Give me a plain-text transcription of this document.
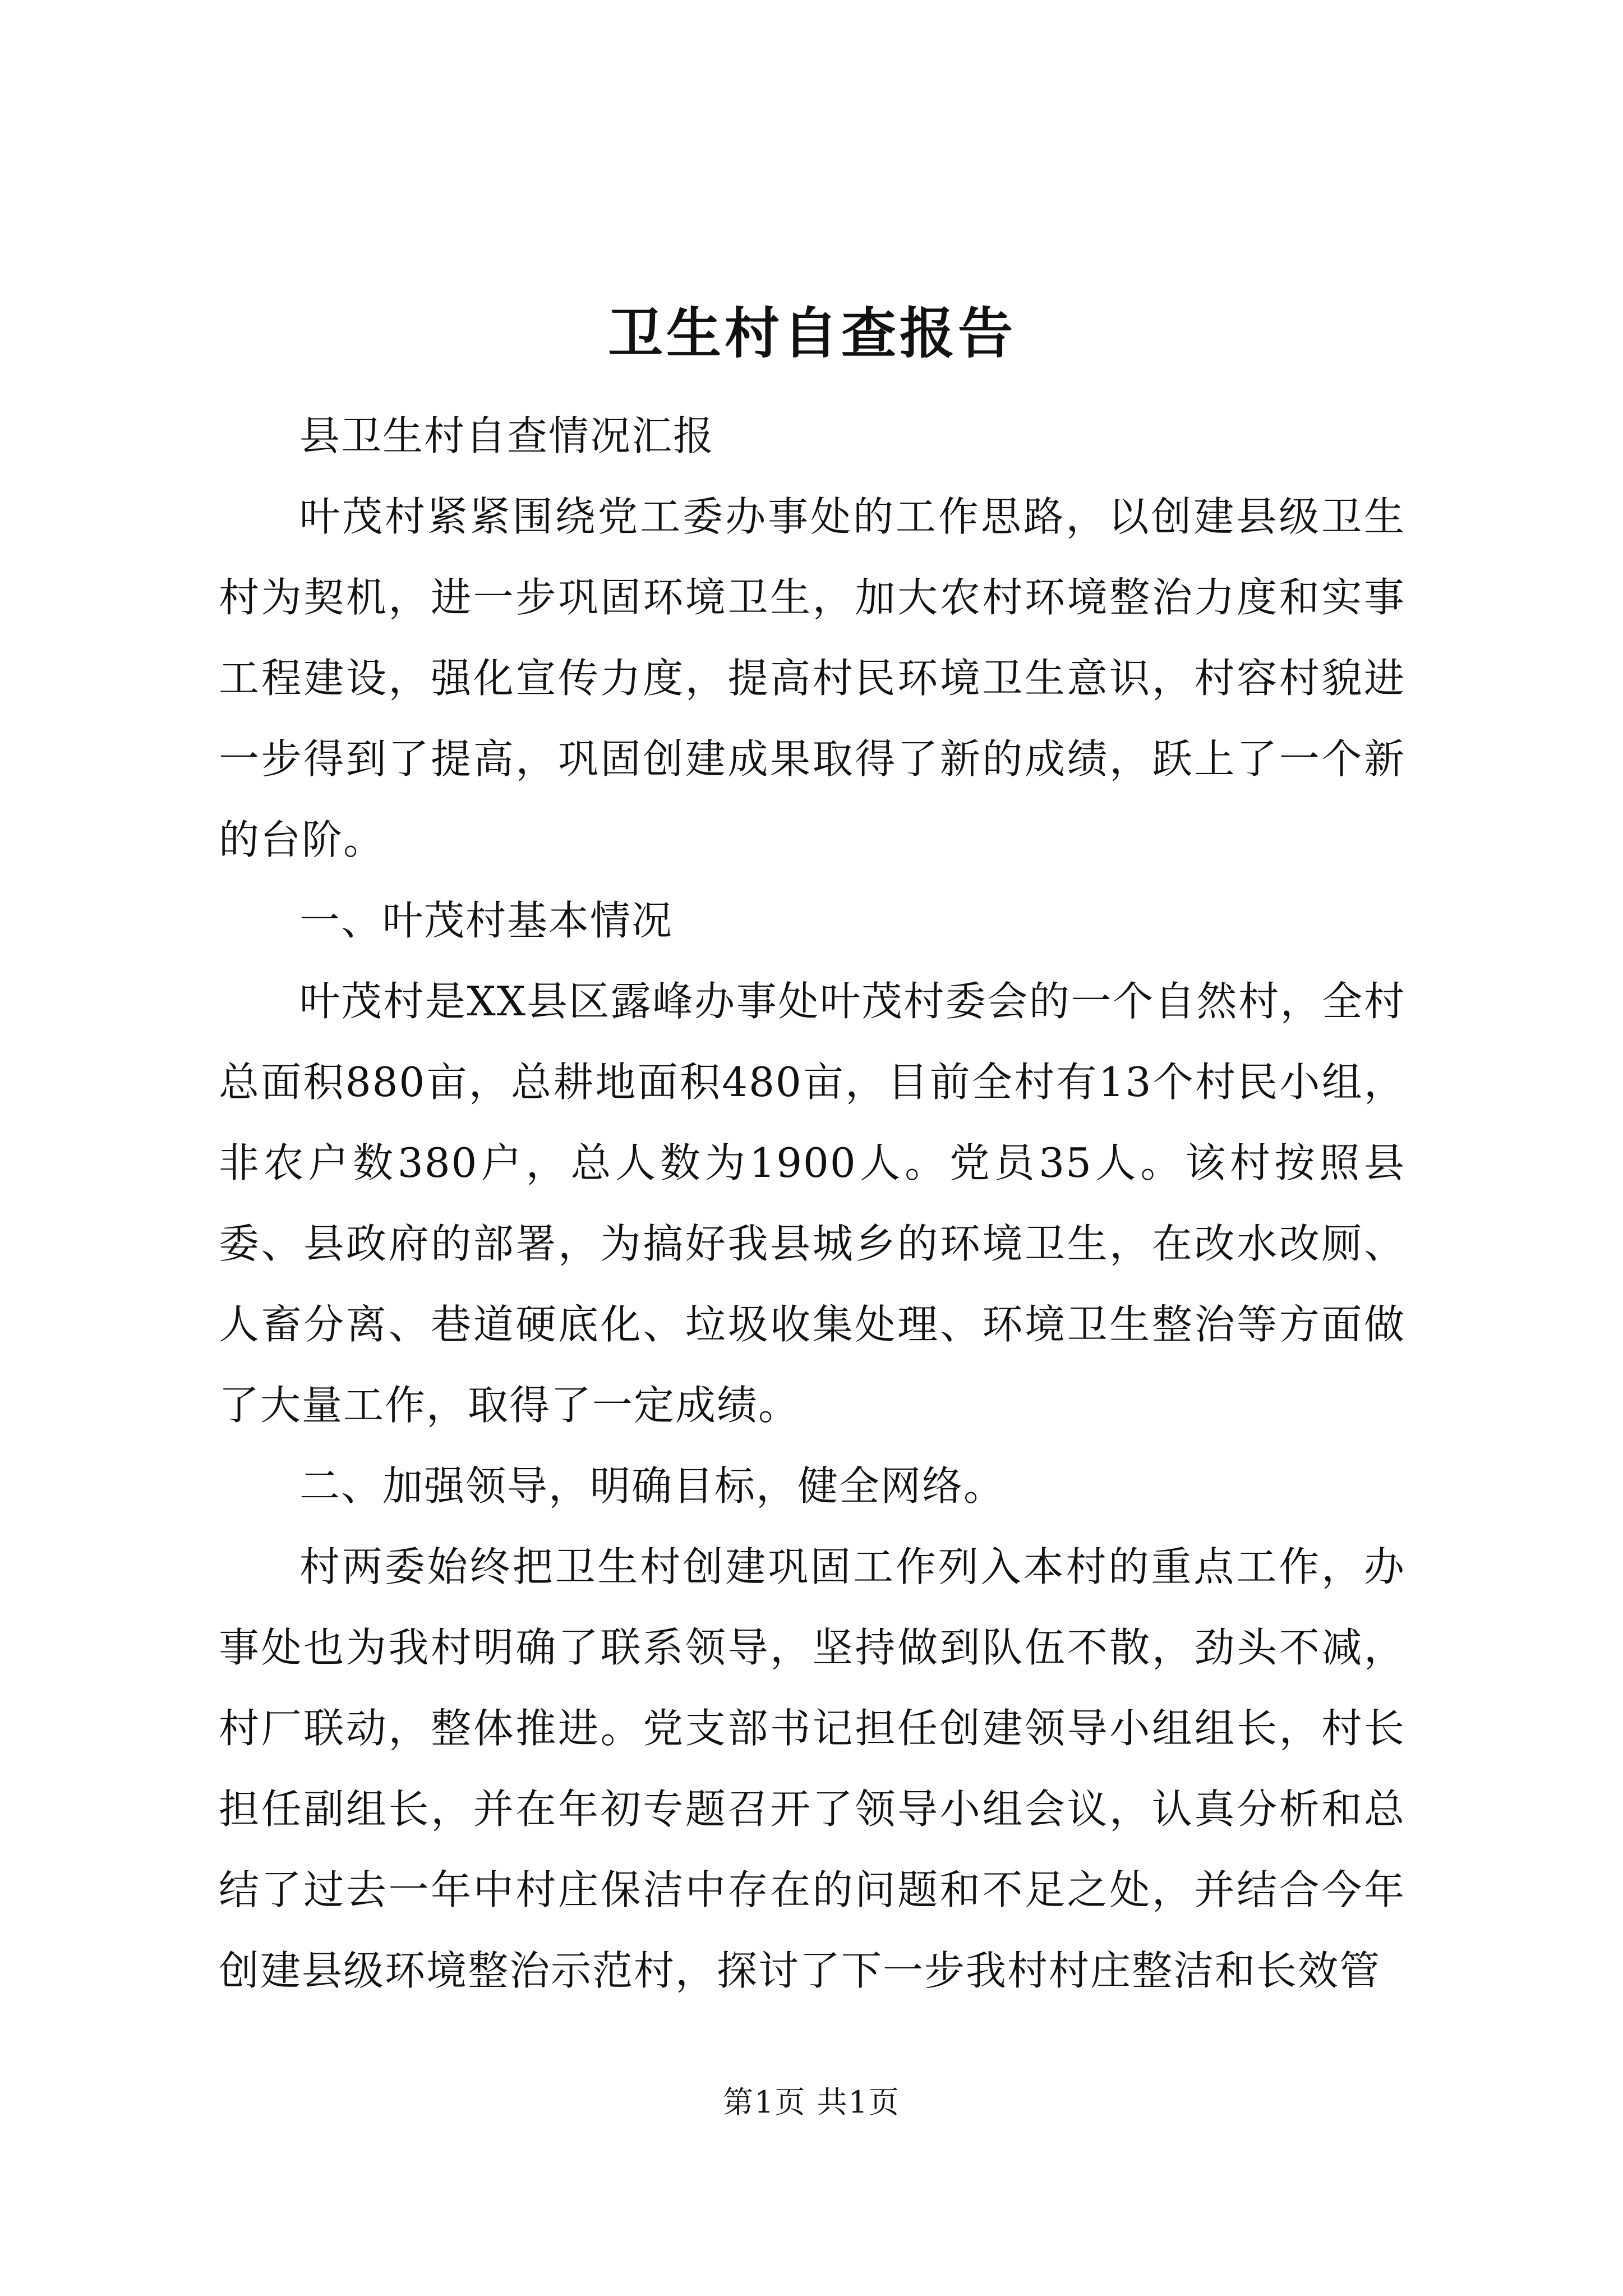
卫生村自查报告

县卫生村自查情况汇报

叶茂村紧紧围绕党工委办事处的工作思路，以创建县级卫生村为契机，进一步巩固环境卫生，加大农村环境整治力度和实事工程建设，强化宣传力度，提高村民环境卫生意识，村容村貌进一步得到了提高，巩固创建成果取得了新的成绩，跃上了一个新的台阶。

一、叶茂村基本情况

叶茂村是XX县区露峰办事处叶茂村委会的一个自然村，全村总面积880亩，总耕地面积480亩，目前全村有13个村民小组，非农户数380户，总人数为1900人。党员35人。该村按照县委、县政府的部署，为搞好我县城乡的环境卫生，在改水改厕、人畜分离、巷道硬底化、垃圾收集处理、环境卫生整治等方面做了大量工作，取得了一定成绩。

二、加强领导，明确目标，健全网络。

村两委始终把卫生村创建巩固工作列入本村的重点工作，办事处也为我村明确了联系领导，坚持做到队伍不散，劲头不减，村厂联动，整体推进。党支部书记担任创建领导小组组长，村长担任副组长，并在年初专题召开了领导小组会议，认真分析和总结了过去一年中村庄保洁中存在的问题和不足之处，并结合今年创建县级环境整治示范村，探讨了下一步我村村庄整洁和长效管

第1页 共1页
